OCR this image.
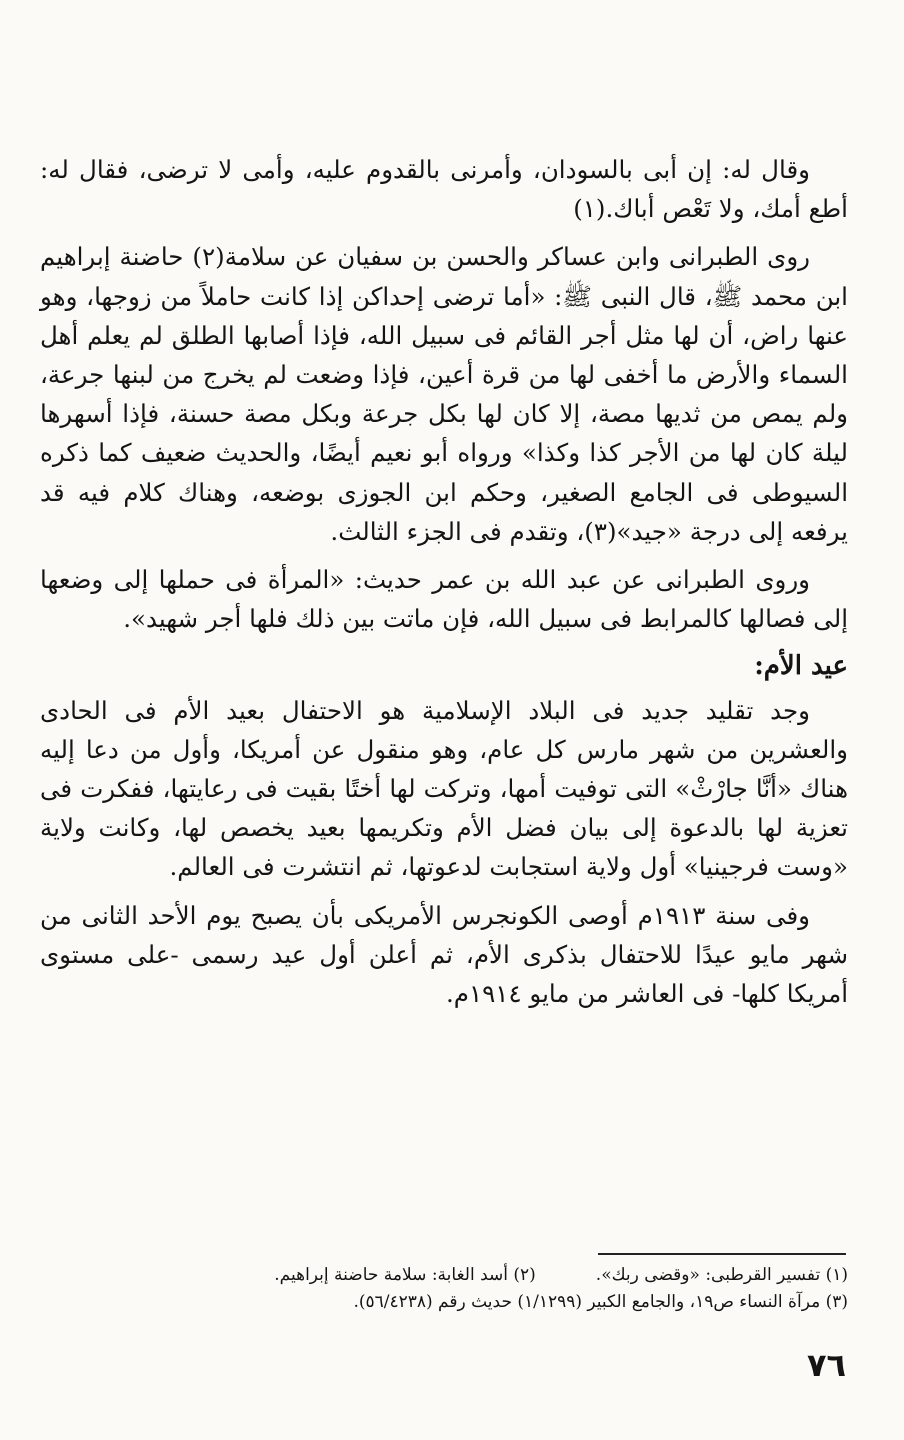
وقال له: إن أبى بالسودان، وأمرنى بالقدوم عليه، وأمى لا ترضى، فقال له: أطع أمك، ولا تَعْص أباك.(١)

روى الطبرانى وابن عساكر والحسن بن سفيان عن سلامة(٢) حاضنة إبراهيم ابن محمد ﷺ، قال النبى ﷺ: «أما ترضى إحداكن إذا كانت حاملاً من زوجها، وهو عنها راض، أن لها مثل أجر القائم فى سبيل الله، فإذا أصابها الطلق لم يعلم أهل السماء والأرض ما أخفى لها من قرة أعين، فإذا وضعت لم يخرج من لبنها جرعة، ولم يمص من ثديها مصة، إلا كان لها بكل جرعة وبكل مصة حسنة، فإذا أسهرها ليلة كان لها من الأجر كذا وكذا» ورواه أبو نعيم أيضًا، والحديث ضعيف كما ذكره السيوطى فى الجامع الصغير، وحكم ابن الجوزى بوضعه، وهناك كلام فيه قد يرفعه إلى درجة «جيد»(٣)، وتقدم فى الجزء الثالث.

وروى الطبرانى عن عبد الله بن عمر حديث: «المرأة فى حملها إلى وضعها إلى فصالها كالمرابط فى سبيل الله، فإن ماتت بين ذلك فلها أجر شهيد».

عيد الأم:

وجد تقليد جديد فى البلاد الإسلامية هو الاحتفال بعيد الأم فى الحادى والعشرين من شهر مارس كل عام، وهو منقول عن أمريكا، وأول من دعا إليه هناك «أنَّا جارْثْ» التى توفيت أمها، وتركت لها أختًا بقيت فى رعايتها، ففكرت فى تعزية لها بالدعوة إلى بيان فضل الأم وتكريمها بعيد يخصص لها، وكانت ولاية «وست فرجينيا» أول ولاية استجابت لدعوتها، ثم انتشرت فى العالم.

وفى سنة ١٩١٣م أوصى الكونجرس الأمريكى بأن يصبح يوم الأحد الثانى من شهر مايو عيدًا للاحتفال بذكرى الأم، ثم أعلن أول عيد رسمى -على مستوى أمريكا كلها- فى العاشر من مايو ١٩١٤م.

(١) تفسير القرطبى: «وقضى ربك».
(٢) أسد الغابة: سلامة حاضنة إبراهيم.
(٣) مرآة النساء ص١٩، والجامع الكبير (١/١٢٩٩) حديث رقم (٥٦/٤٢٣٨).
٧٦
